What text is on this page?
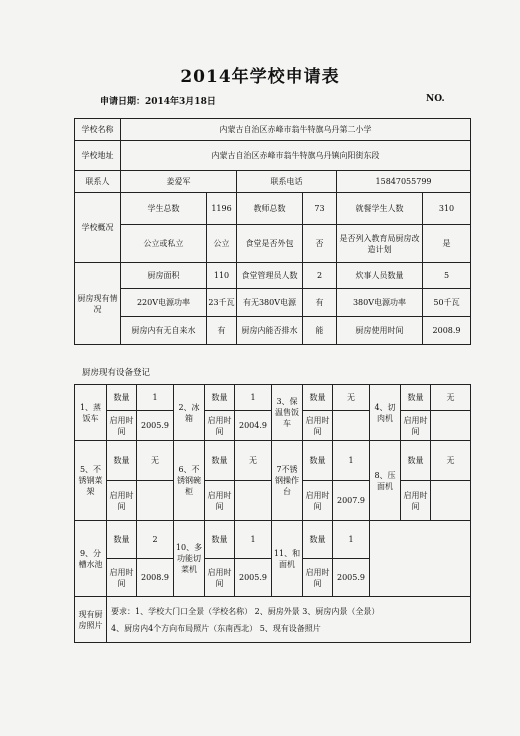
2014年学校申请表
申请日期：2014年3月18日	NO.
学校名称	内蒙古自治区赤峰市翁牛特旗乌丹第二小学					
学校地址	内蒙古自治区赤峰市翁牛特旗乌丹镇向阳街东段					
联系人	姜爱军		联系电话		15847055799	
学校概况	学生总数	1196	教师总数	73	就餐学生人数	310
	公立或私立	公立	食堂是否外包	否	是否列入教育局厨房改造计划	是
厨房现有情况	厨房面积	110	食堂管理员人数	2	炊事人员数量	5
	220V电源功率	23千瓦	有无380V电源	有	380V电源功率	50千瓦
	厨房内有无自来水	有	厨房内能否排水	能	厨房使用时间	2008.9
厨房现有设备登记
1、蒸饭车	数量	1	2、冰箱	数量	1	3、保温售饭车	数量	无	4、切肉机	数量	无
	启用时间	2005.9		启用时间	2004.9		启用时间			启用时间	
5、不锈钢菜架	数量	无	6、不锈钢碗柜	数量	无	7不锈钢操作台	数量	1	8、压面机	数量	无
	启用时间			启用时间			启用时间	2007.9		启用时间	
9、分槽水池	数量	2	10、多功能切菜机	数量	1	11、和面机	数量	1			
	启用时间	2008.9		启用时间	2005.9		启用时间	2005.9			
现有厨房照片	要求：1、学校大门口全景（学校名称） 2、厨房外景 3、厨房内景（全景）
4、厨房内4个方向布局照片（东南西北） 5、现有设备照片										
